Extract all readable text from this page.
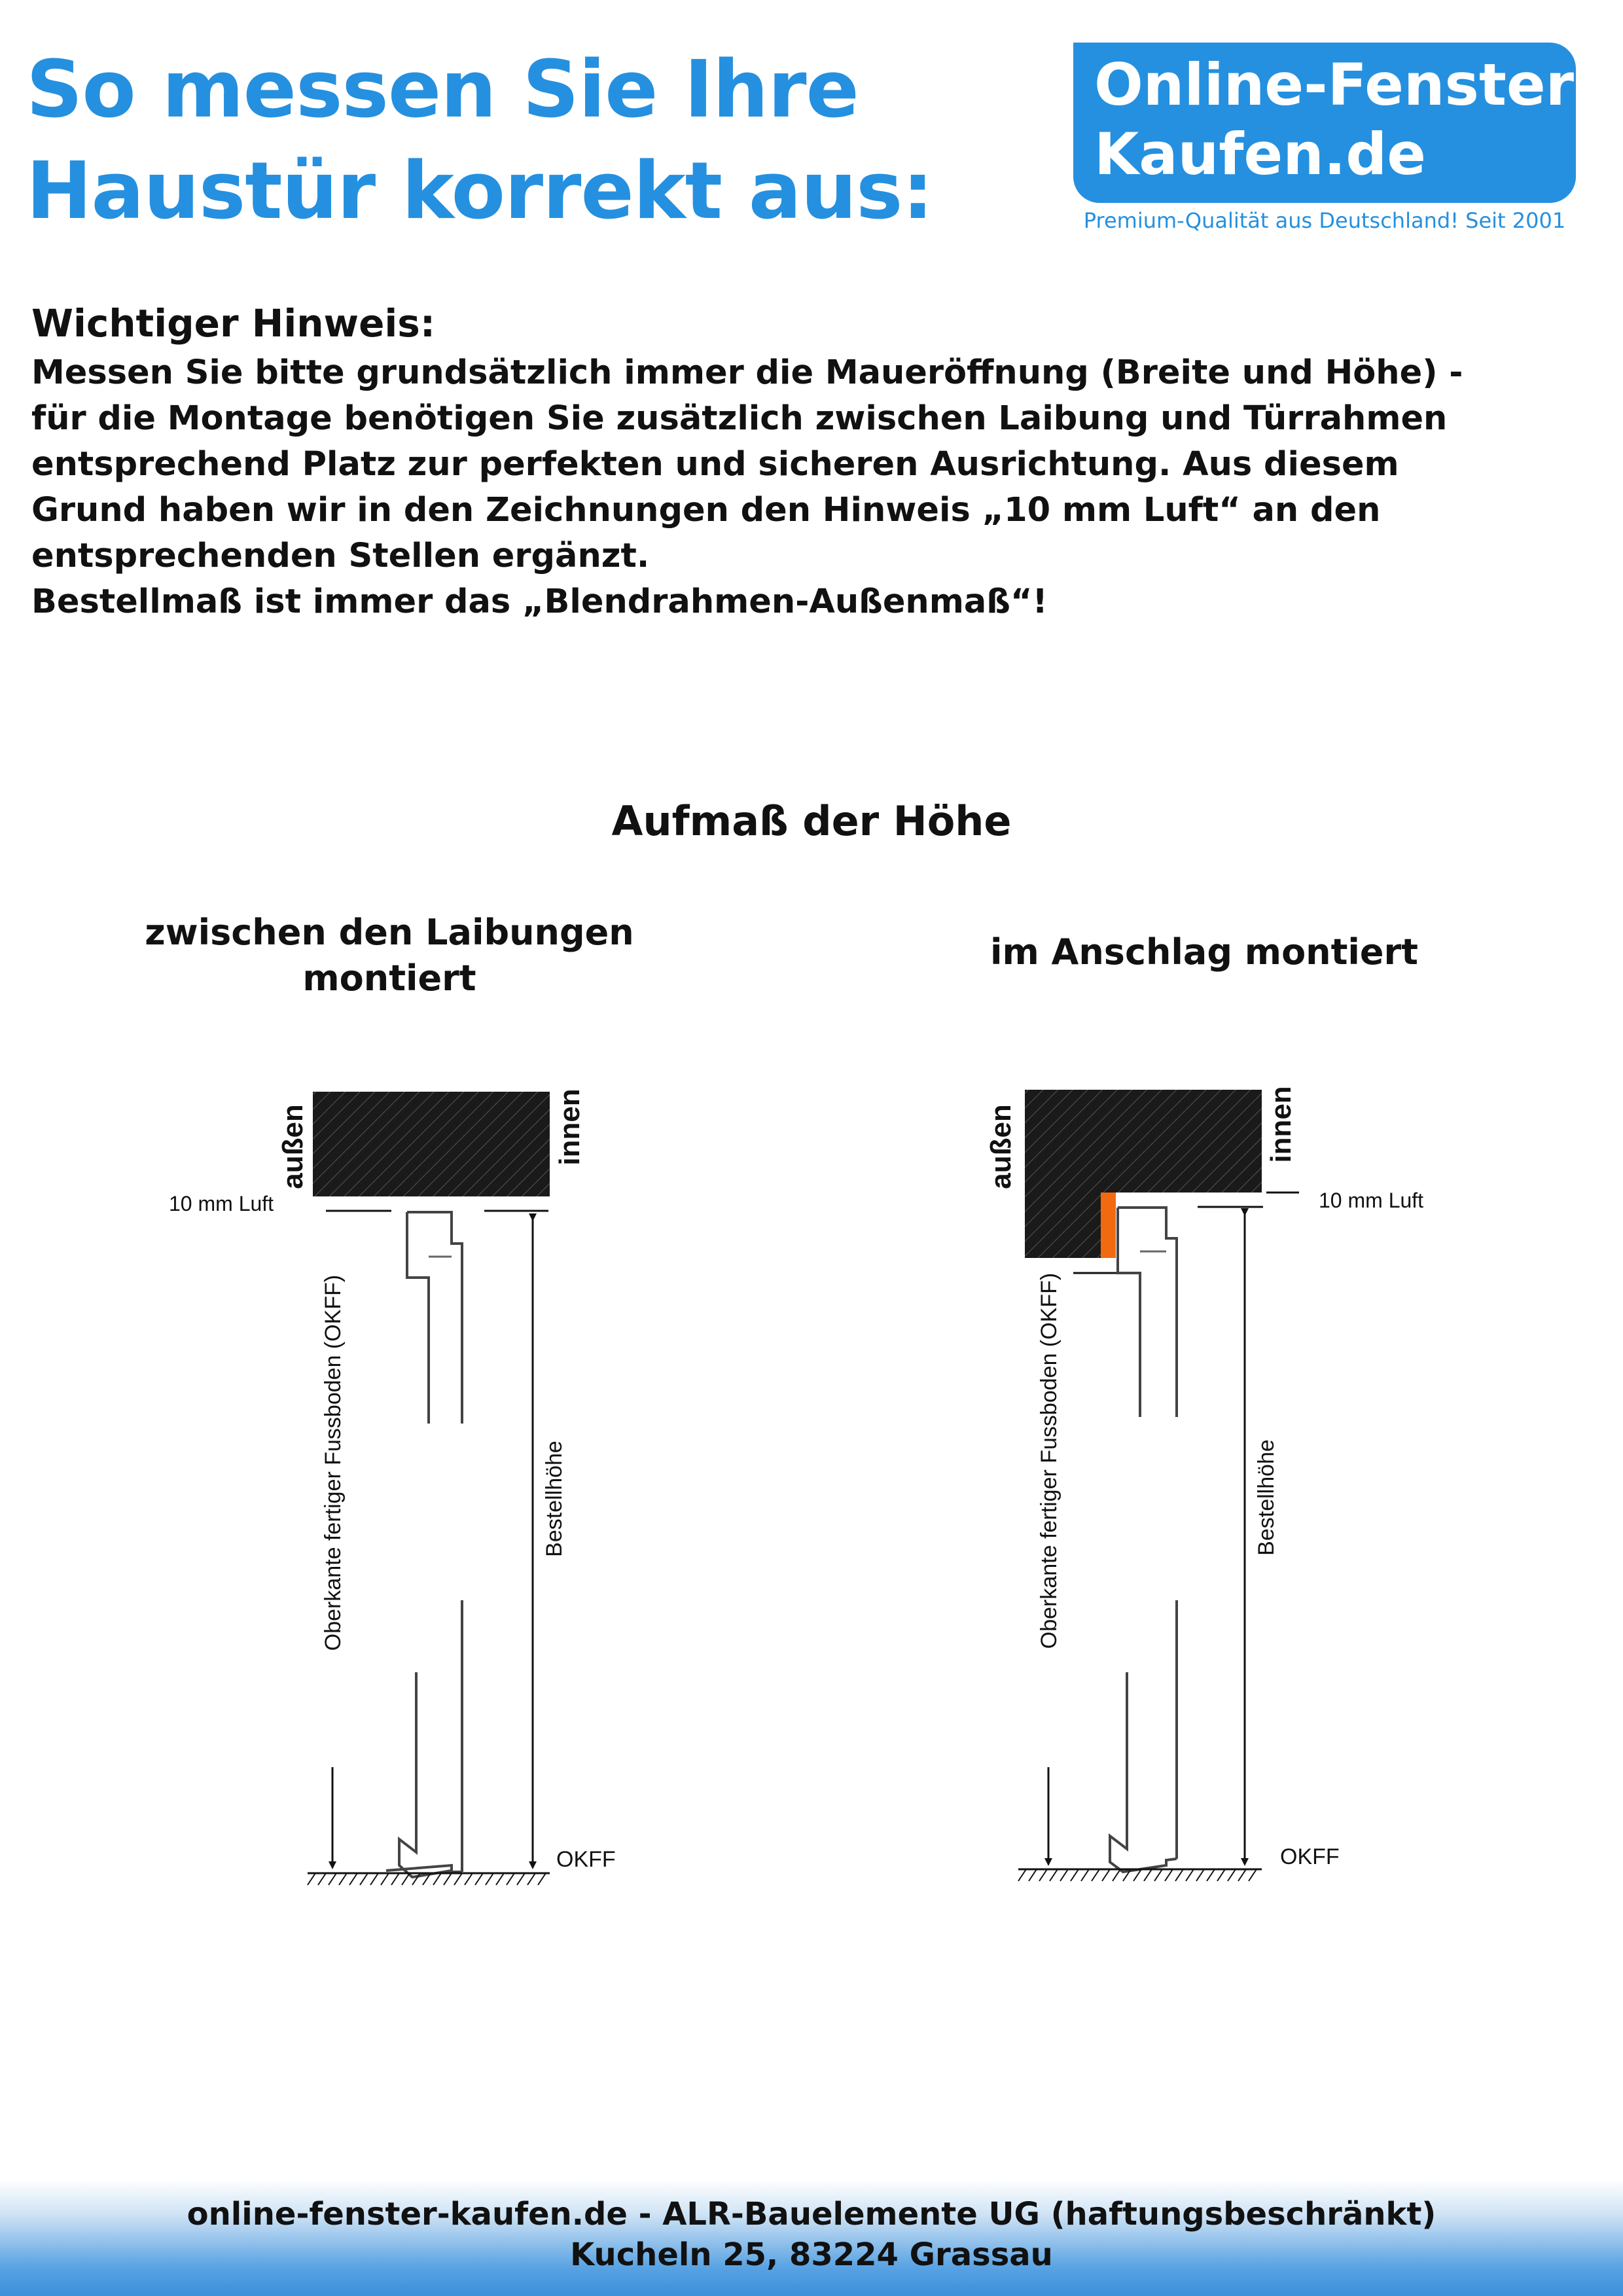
So messen Sie Ihre
Haustür korrekt aus:
Online-Fenster
Kaufen.de
Premium-Qualität aus Deutschland! Seit 2001
Wichtiger Hinweis:
Messen Sie bitte grundsätzlich immer die Maueröffnung (Breite und Höhe) -
für die Montage benötigen Sie zusätzlich zwischen Laibung und Türrahmen
entsprechend Platz zur perfekten und sicheren Ausrichtung. Aus diesem
Grund haben wir in den Zeichnungen den Hinweis „10 mm Luft“ an den
entsprechenden Stellen ergänzt.
Bestellmaß ist immer das „Blendrahmen-Außenmaß“!
Aufmaß der Höhe
zwischen den Laibungen
montiert
im Anschlag montiert
außen	innen
10 mm Luft
Oberkante fertiger Fussboden (OKFF)	Bestellhöhe
OKFF
außen	innen
10 mm Luft
Oberkante fertiger Fussboden (OKFF)	Bestellhöhe
OKFF
online-fenster-kaufen.de - ALR-Bauelemente UG (haftungsbeschränkt)
Kucheln 25, 83224 Grassau
